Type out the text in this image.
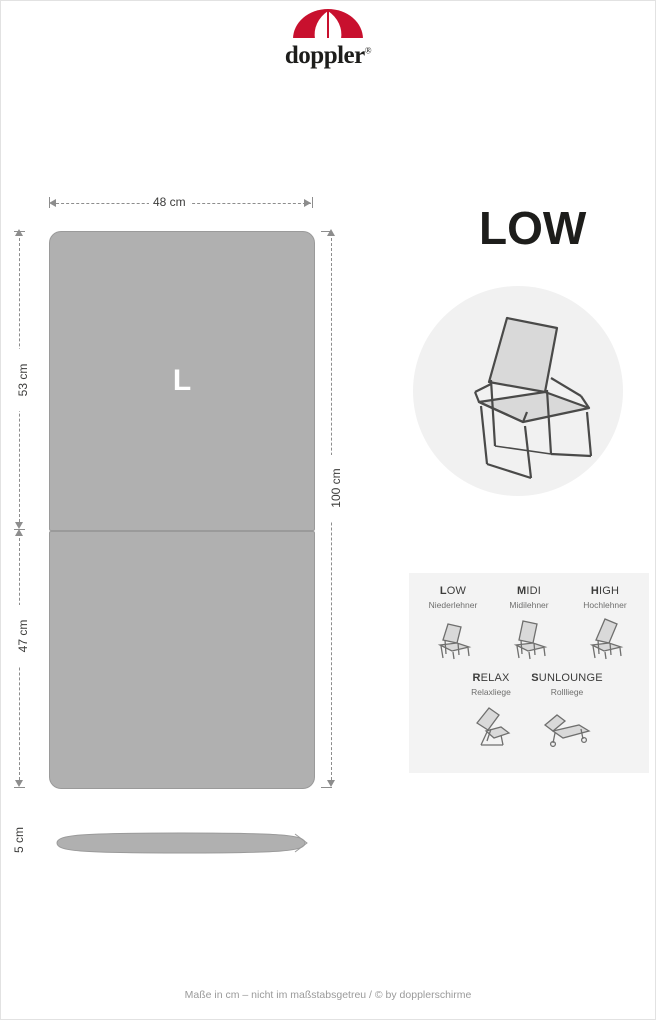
doppler®
48 cm
L
53 cm
47 cm
100 cm
5 cm
LOW
LOW
Niederlehner
MIDI
Midilehner
HIGH
Hochlehner
RELAX
Relaxliege
SUNLOUNGE
Rollliege
Maße in cm – nicht im maßstabsgetreu / © by dopplerschirme
